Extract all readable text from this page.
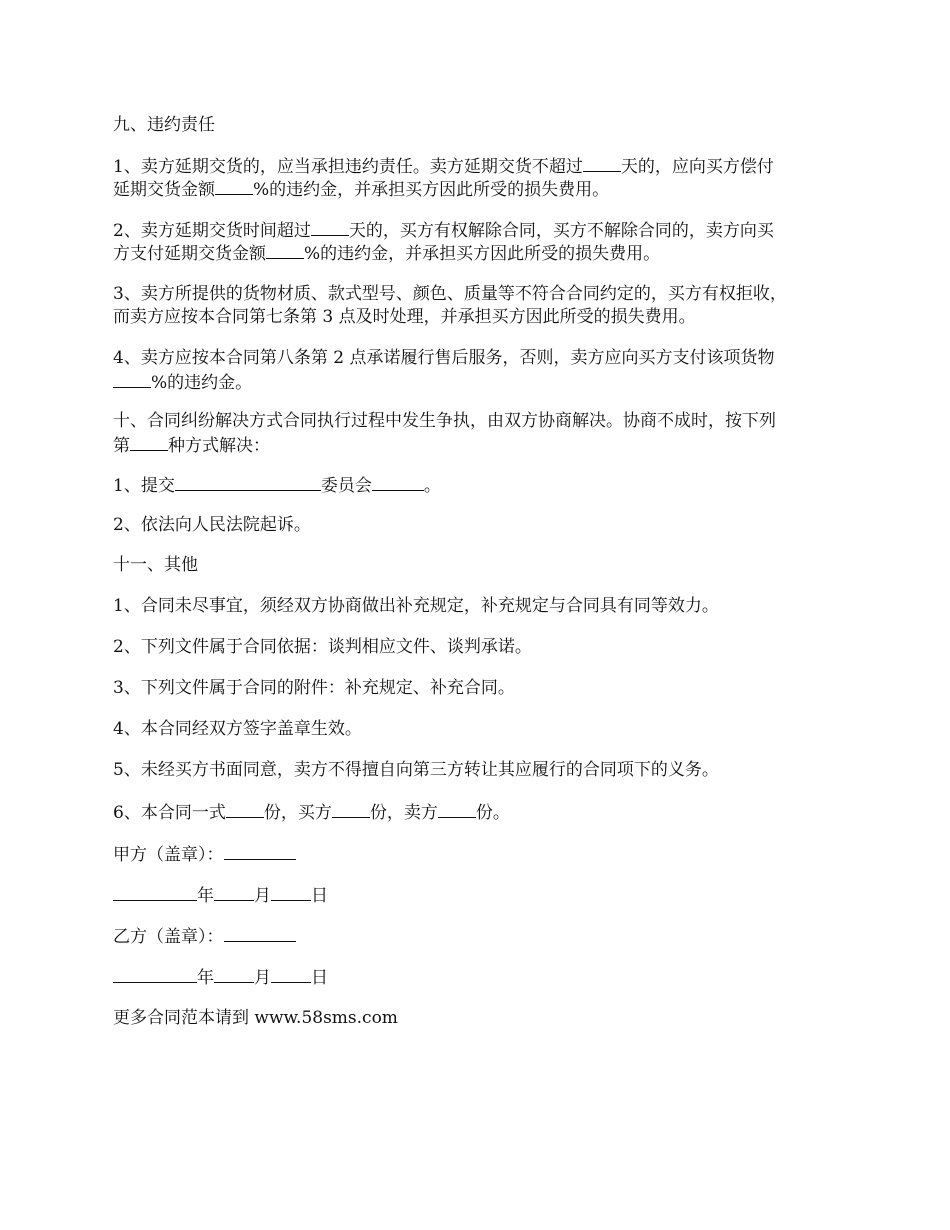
九、违约责任
1、卖方延期交货的，应当承担违约责任。卖方延期交货不超过 天的，应向买方偿付
延期交货金额 %的违约金，并承担买方因此所受的损失费用。
2、卖方延期交货时间超过 天的，买方有权解除合同，买方不解除合同的，卖方向买
方支付延期交货金额 %的违约金，并承担买方因此所受的损失费用。
3、卖方所提供的货物材质、款式型号、颜色、质量等不符合合同约定的，买方有权拒收，
而卖方应按本合同第七条第 3 点及时处理，并承担买方因此所受的损失费用。
4、卖方应按本合同第八条第 2 点承诺履行售后服务，否则，卖方应向买方支付该项货物
%的违约金。
十、合同纠纷解决方式合同执行过程中发生争执，由双方协商解决。协商不成时，按下列
第 种方式解决：
1、提交	委员会	。
2、依法向人民法院起诉。
十一、其他
1、合同未尽事宜，须经双方协商做出补充规定，补充规定与合同具有同等效力。
2、下列文件属于合同依据：谈判相应文件、谈判承诺。
3、下列文件属于合同的附件：补充规定、补充合同。
4、本合同经双方签字盖章生效。
5、未经买方书面同意，卖方不得擅自向第三方转让其应履行的合同项下的义务。
6、本合同一式 份，买方 份，卖方 份。
甲方（盖章）：
年 月 日
乙方（盖章）：
年 月 日
更多合同范本请到 www.58sms.com
